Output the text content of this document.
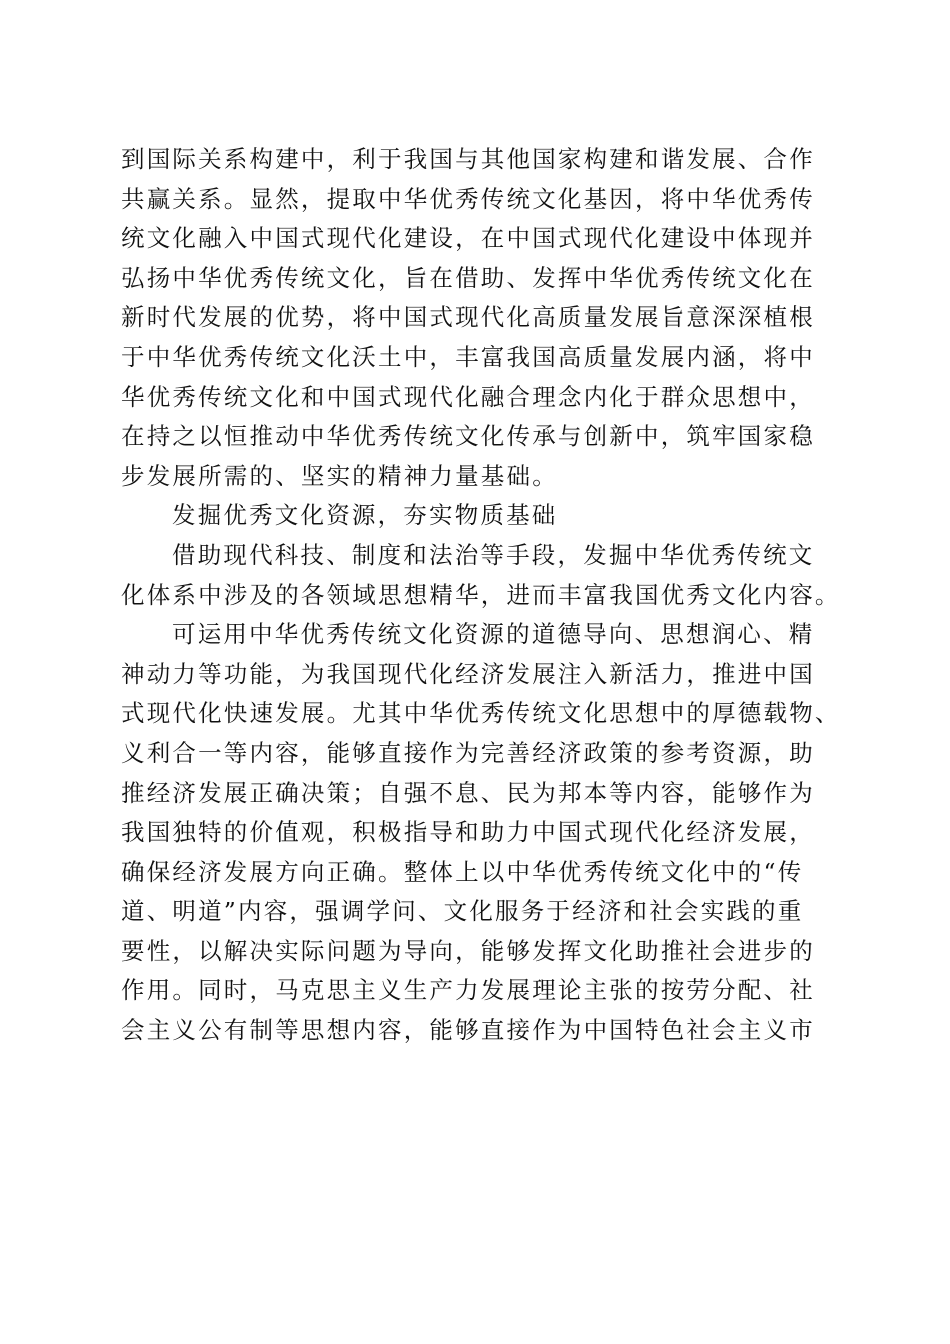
到国际关系构建中，利于我国与其他国家构建和谐发展、合作
共赢关系。显然，提取中华优秀传统文化基因，将中华优秀传
统文化融入中国式现代化建设，在中国式现代化建设中体现并
弘扬中华优秀传统文化，旨在借助、发挥中华优秀传统文化在
新时代发展的优势，将中国式现代化高质量发展旨意深深植根
于中华优秀传统文化沃土中，丰富我国高质量发展内涵，将中
华优秀传统文化和中国式现代化融合理念内化于群众思想中，
在持之以恒推动中华优秀传统文化传承与创新中，筑牢国家稳
步发展所需的、坚实的精神力量基础。
发掘优秀文化资源，夯实物质基础
借助现代科技、制度和法治等手段，发掘中华优秀传统文
化体系中涉及的各领域思想精华，进而丰富我国优秀文化内容。
可运用中华优秀传统文化资源的道德导向、思想润心、精
神动力等功能，为我国现代化经济发展注入新活力，推进中国
式现代化快速发展。尤其中华优秀传统文化思想中的厚德载物、
义利合一等内容，能够直接作为完善经济政策的参考资源，助
推经济发展正确决策；自强不息、民为邦本等内容，能够作为
我国独特的价值观，积极指导和助力中国式现代化经济发展，
确保经济发展方向正确。整体上以中华优秀传统文化中的“传
道、明道”内容，强调学问、文化服务于经济和社会实践的重
要性，以解决实际问题为导向，能够发挥文化助推社会进步的
作用。同时，马克思主义生产力发展理论主张的按劳分配、社
会主义公有制等思想内容，能够直接作为中国特色社会主义市
